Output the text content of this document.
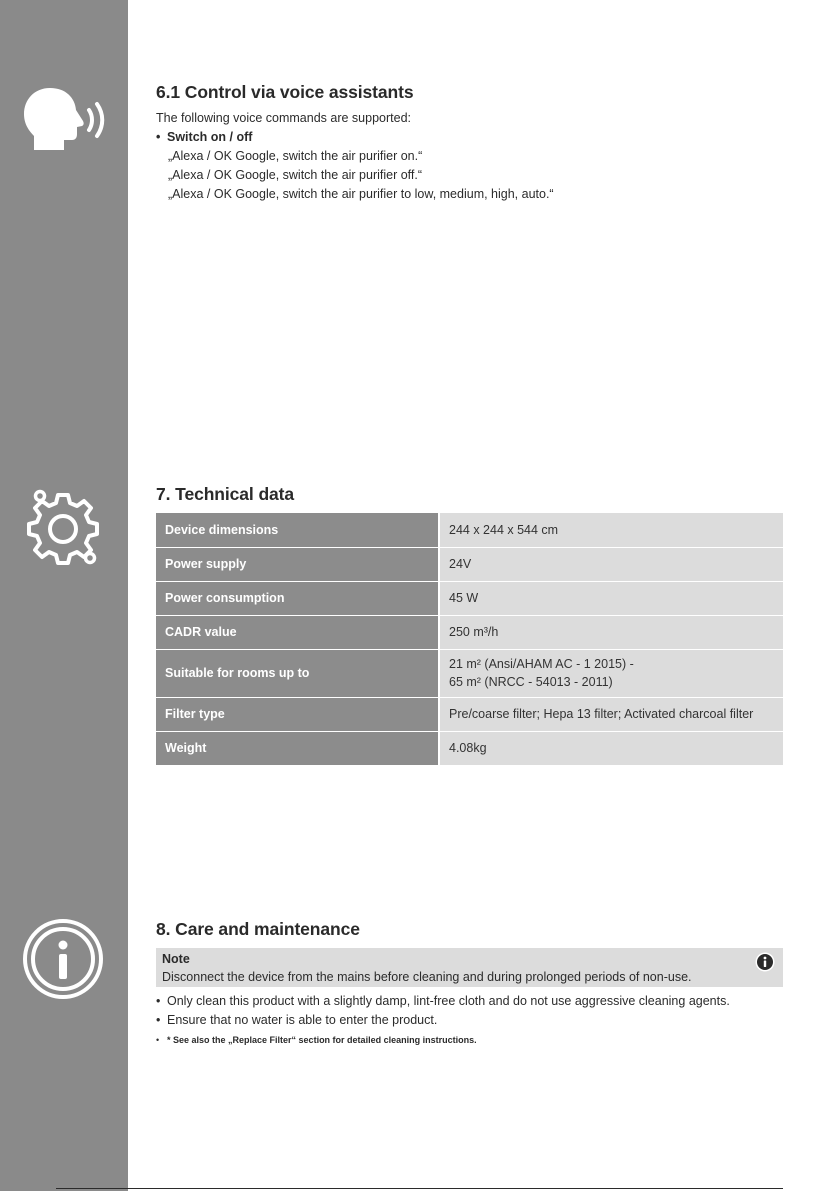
6.1 Control via voice assistants

The following voice commands are supported:

• Switch on / off
„Alexa / OK Google, switch the air purifier on.“
„Alexa / OK Google, switch the air purifier off.“
„Alexa / OK Google, switch the air purifier to low, medium, high, auto.“
7. Technical data
Device dimensions	244 x 244 x 544 cm
Power supply	24V
Power consumption	45 W
CADR value	250 m³/h
Suitable for rooms up to	21 m² (Ansi/AHAM AC - 1 2015) -
65 m² (NRCC - 54013 - 2011)

Filter type	Pre/coarse filter; Hepa 13 filter; Activated charcoal filter
Weight	4.08kg
8. Care and maintenance
Note
Disconnect the device from the mains before cleaning and during prolonged periods of non-use.
• Only clean this product with a slightly damp, lint-free cloth and do not use aggressive cleaning agents.
• Ensure that no water is able to enter the product.
• * See also the „Replace Filter“ section for detailed cleaning instructions.
